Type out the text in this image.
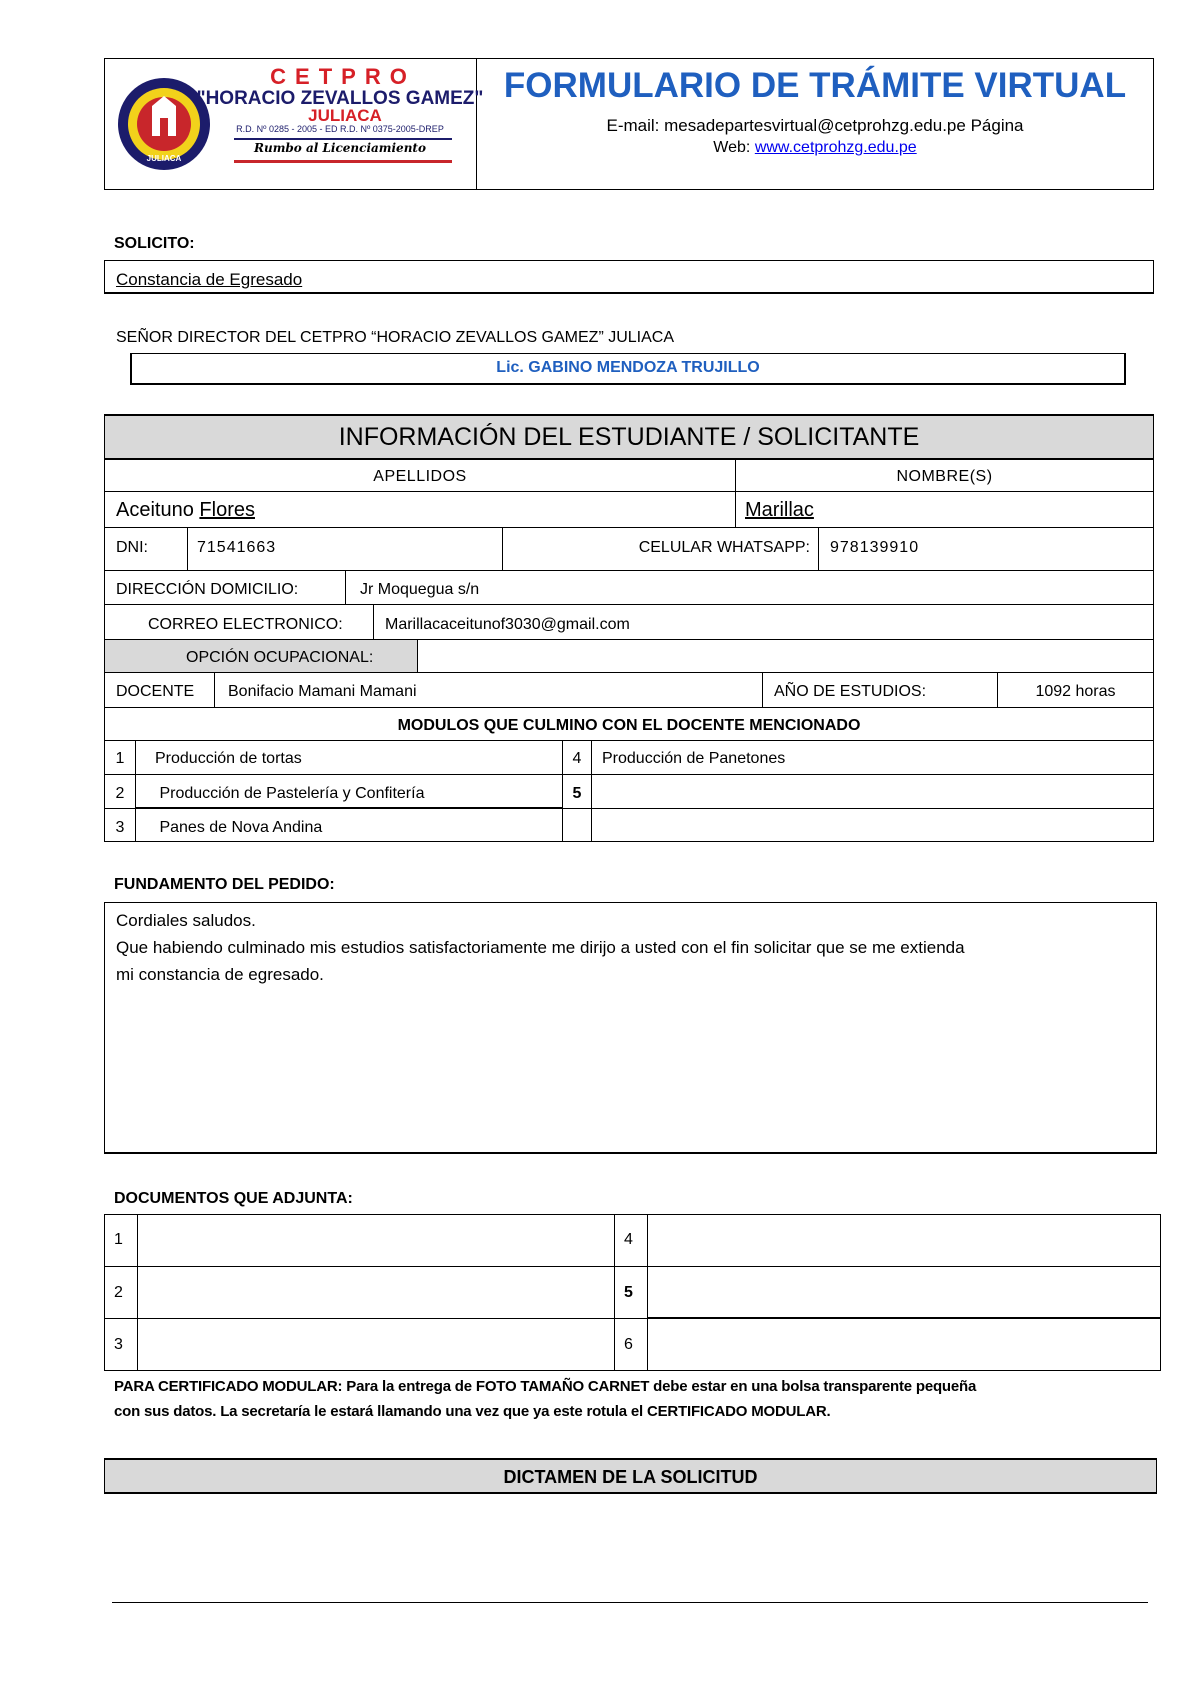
CETPRO
"HORACIO ZEVALLOS GAMEZ"
JULIACA
R.D. Nº 0285 - 2005 - ED R.D. Nº 0375-2005-DREP
Rumbo al Licenciamiento
JULIACA
FORMULARIO DE TRÁMITE VIRTUAL
E-mail: mesadepartesvirtual@cetprohzg.edu.pe Página
Web: www.cetprohzg.edu.pe
SOLICITO:
Constancia de Egresado
SEÑOR DIRECTOR DEL CETPRO “HORACIO ZEVALLOS GAMEZ” JULIACA
Lic. GABINO MENDOZA TRUJILLO
INFORMACIÓN DEL ESTUDIANTE / SOLICITANTE
APELLIDOS	NOMBRE(S)
Aceituno Flores	Marillac
DNI:	71541663	CELULAR WHATSAPP: 978139910
DIRECCIÓN DOMICILIO:	Jr Moquegua s/n
CORREO ELECTRONICO:	Marillacaceitunof3030@gmail.com
OPCIÓN OCUPACIONAL:
DOCENTE Bonifacio Mamani Mamani	AÑO DE ESTUDIOS:	1092 horas
MODULOS QUE CULMINO CON EL DOCENTE MENCIONADO
1	Producción de tortas	4	Producción de Panetones
2	Producción de Pastelería y Confitería	5
3	Panes de Nova Andina
FUNDAMENTO DEL PEDIDO:
Cordiales saludos.
Que habiendo culminado mis estudios satisfactoriamente me dirijo a usted con el fin solicitar que se me extienda
mi constancia de egresado.
DOCUMENTOS QUE ADJUNTA:
1	4
2	5
3	6
PARA CERTIFICADO MODULAR: Para la entrega de FOTO TAMAÑO CARNET debe estar en una bolsa transparente pequeña
con sus datos. La secretaría le estará llamando una vez que ya este rotula el CERTIFICADO MODULAR.
DICTAMEN DE LA SOLICITUD
